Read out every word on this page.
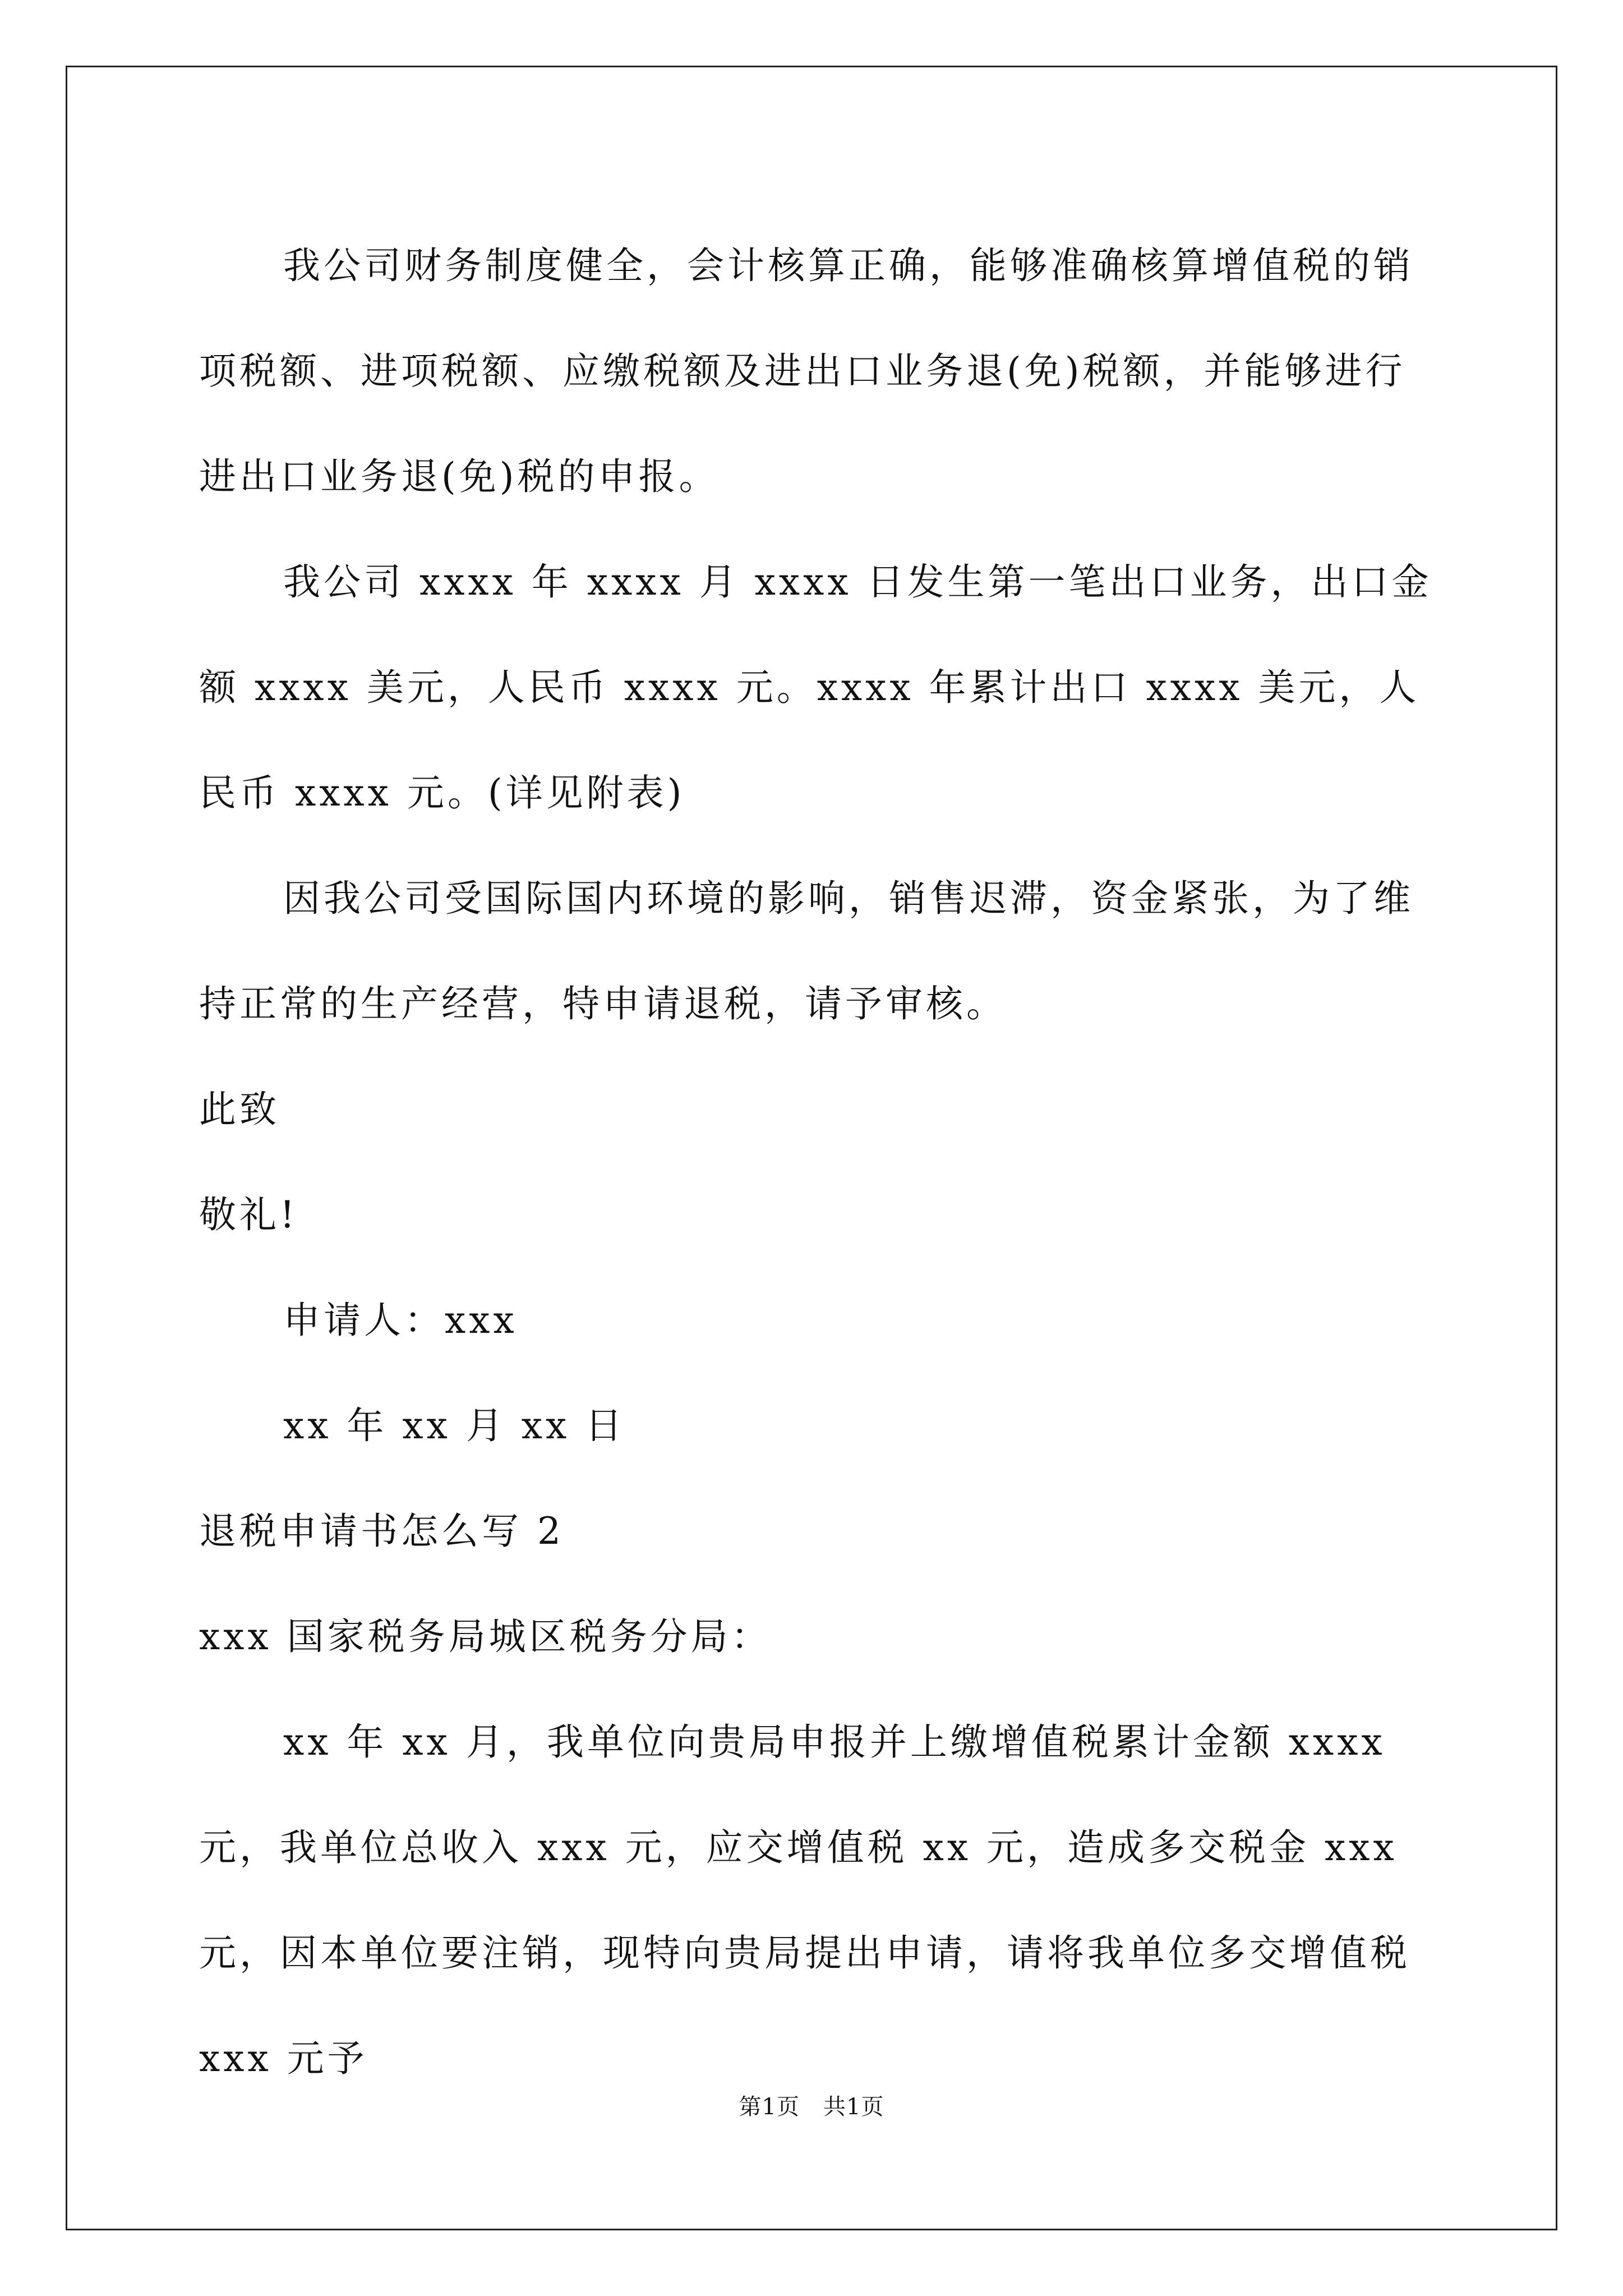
我公司财务制度健全，会计核算正确，能够准确核算增值税的销项税额、进项税额、应缴税额及进出口业务退(免)税额，并能够进行进出口业务退(免)税的申报。

我公司 xxxx 年 xxxx 月 xxxx 日发生第一笔出口业务，出口金额 xxxx 美元，人民币 xxxx 元。xxxx 年累计出口 xxxx 美元，人民币 xxxx 元。(详见附表)

因我公司受国际国内环境的影响，销售迟滞，资金紧张，为了维持正常的生产经营，特申请退税，请予审核。

此致

敬礼!

申请人：xxx

xx 年 xx 月 xx 日

退税申请书怎么写 2

xxx 国家税务局城区税务分局：

xx 年 xx 月，我单位向贵局申报并上缴增值税累计金额 xxxx 元，我单位总收入 xxx 元，应交增值税 xx 元，造成多交税金 xxx 元，因本单位要注销，现特向贵局提出申请，请将我单位多交增值税 xxx 元予

第1页 共1页
